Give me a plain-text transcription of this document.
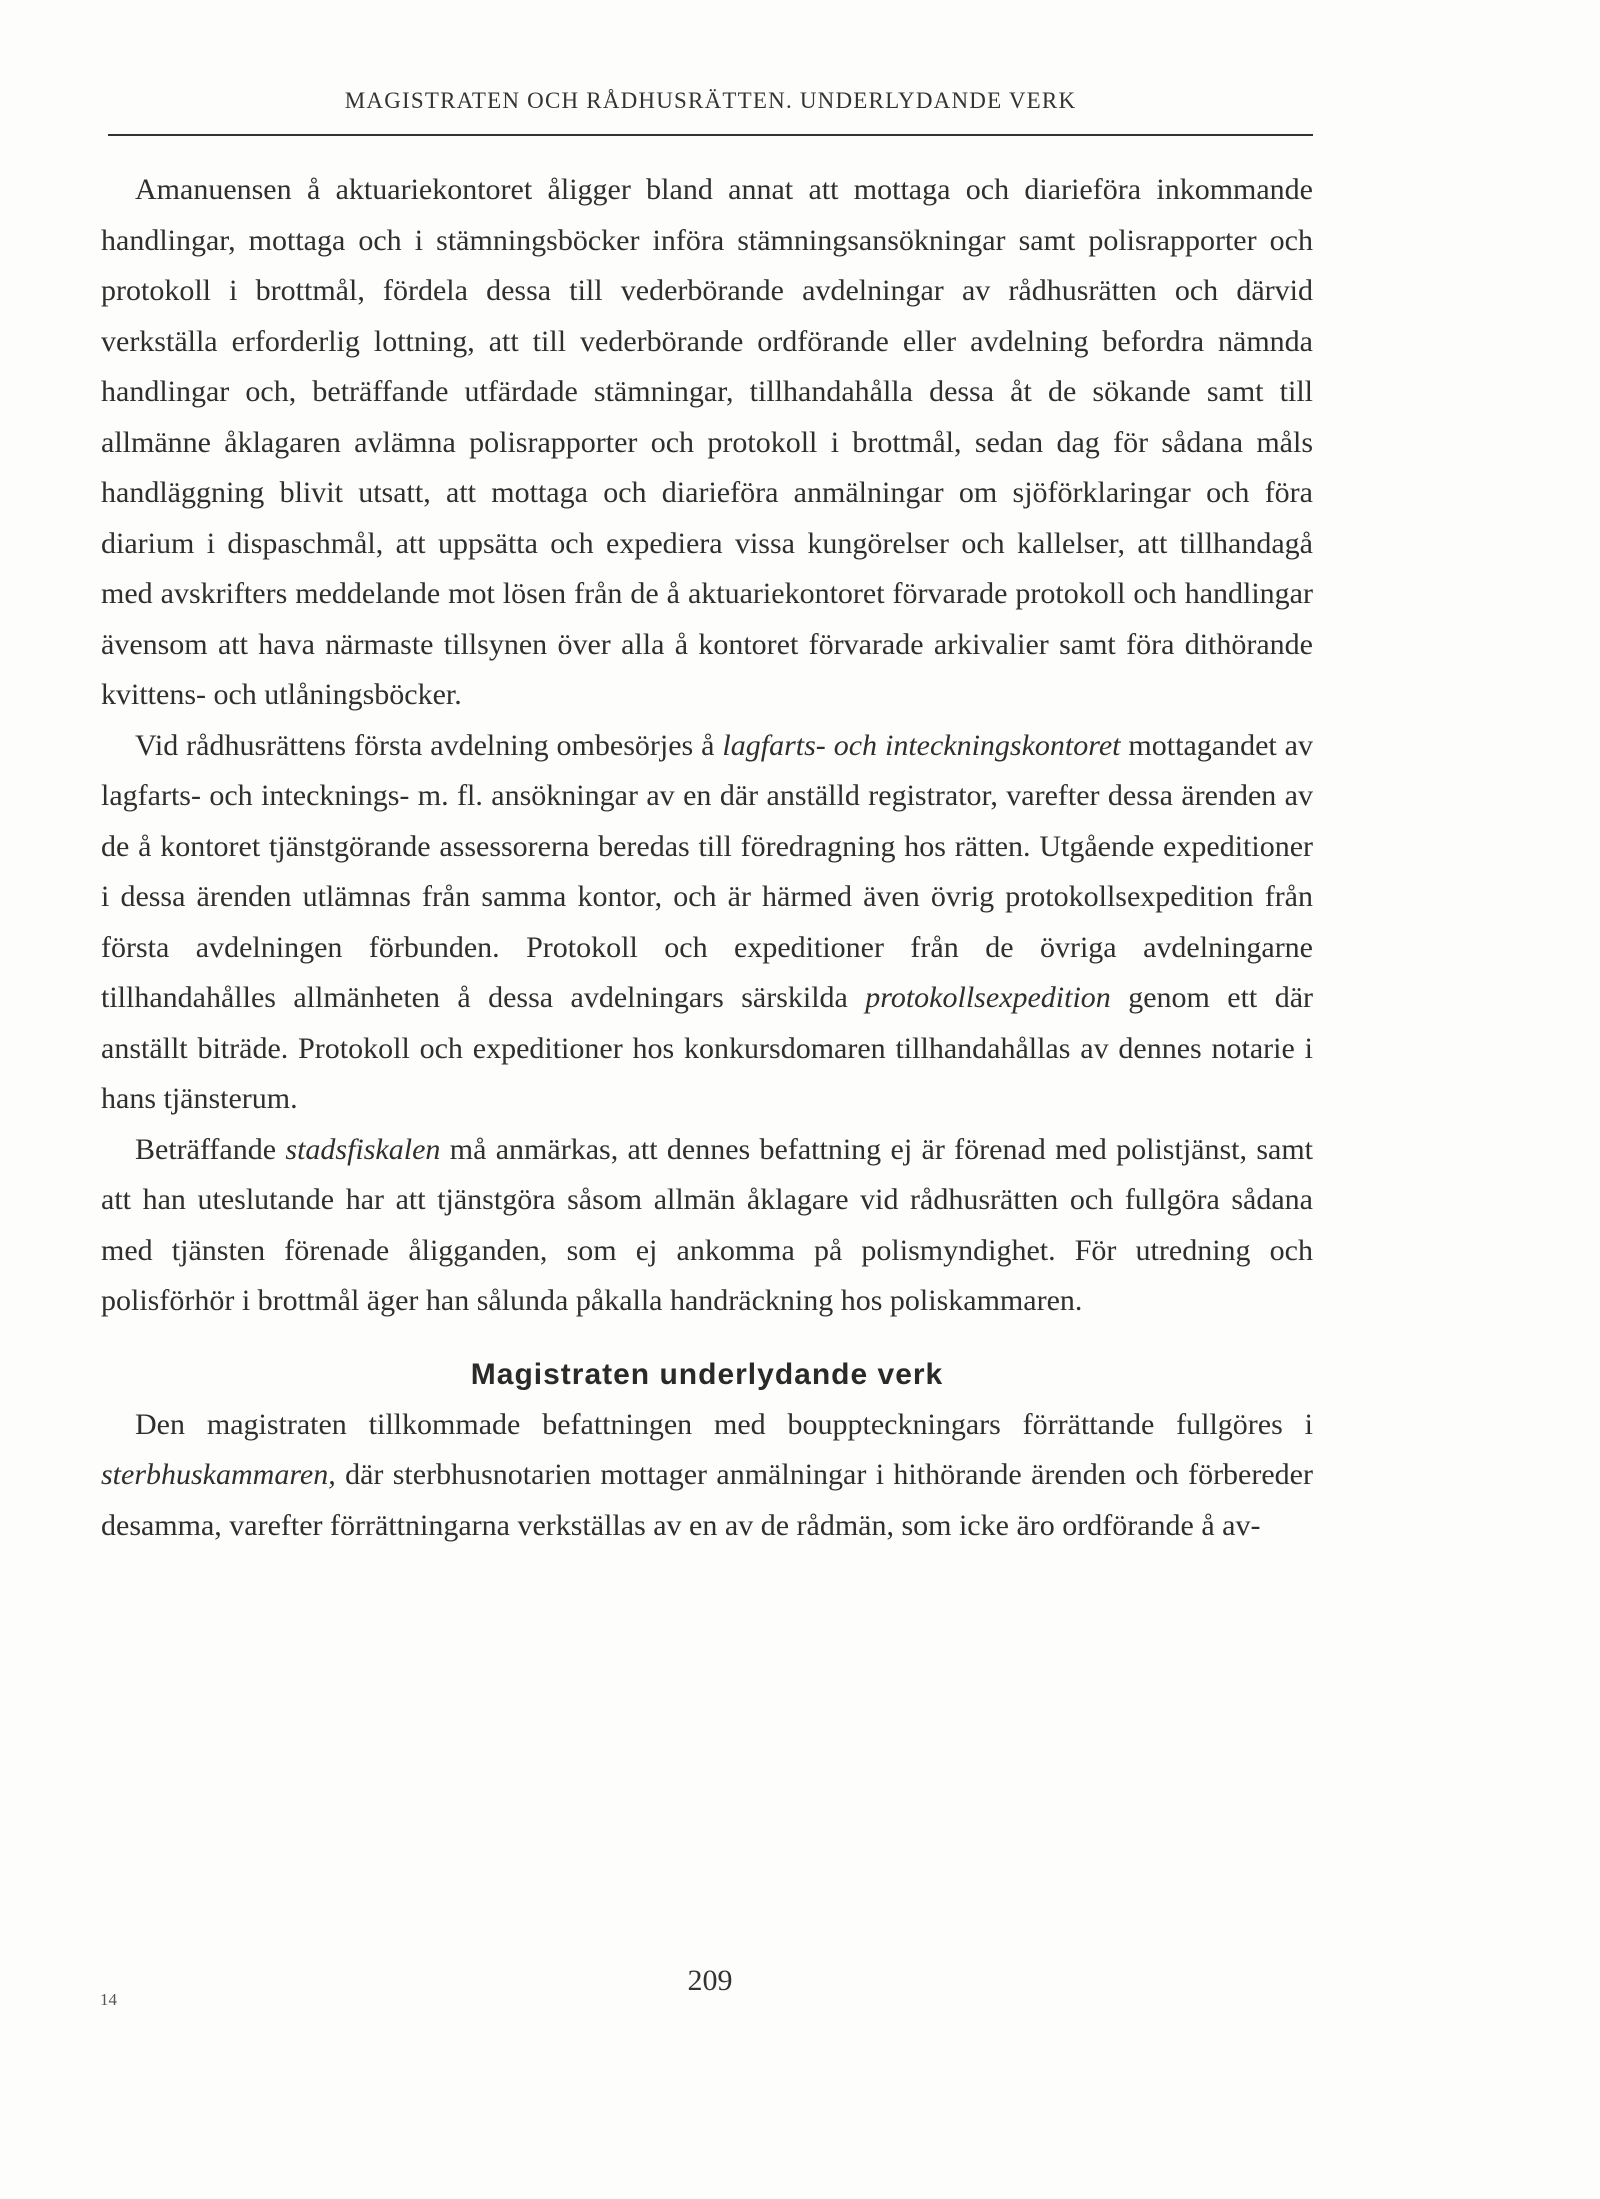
MAGISTRATEN OCH RÅDHUSRÄTTEN. UNDERLYDANDE VERK

Amanuensen å aktuariekontoret åligger bland annat att mottaga och diarieföra inkommande handlingar, mottaga och i stämningsböcker införa stämningsansökningar samt polisrapporter och protokoll i brottmål, fördela dessa till vederbörande avdelningar av rådhusrätten och därvid verkställa erforderlig lottning, att till vederbörande ordförande eller avdelning befordra nämnda handlingar och, beträffande utfärdade stämningar, tillhandahålla dessa åt de sökande samt till allmänne åklagaren avlämna polisrapporter och protokoll i brottmål, sedan dag för sådana måls handläggning blivit utsatt, att mottaga och diarieföra anmälningar om sjöförklaringar och föra diarium i dispaschmål, att uppsätta och expediera vissa kungörelser och kallelser, att tillhandagå med avskrifters meddelande mot lösen från de å aktuariekontoret förvarade protokoll och handlingar ävensom att hava närmaste tillsynen över alla å kontoret förvarade arkivalier samt föra dithörande kvittens- och utlåningsböcker.

Vid rådhusrättens första avdelning ombesörjes å lagfarts- och inteckningskontoret mottagandet av lagfarts- och intecknings- m. fl. ansökningar av en där anställd registrator, varefter dessa ärenden av de å kontoret tjänstgörande assessorerna beredas till föredragning hos rätten. Utgående expeditioner i dessa ärenden utlämnas från samma kontor, och är härmed även övrig protokollsexpedition från första avdelningen förbunden. Protokoll och expeditioner från de övriga avdelningarne tillhandahålles allmänheten å dessa avdelningars särskilda protokollsexpedition genom ett där anställt biträde. Protokoll och expeditioner hos konkursdomaren tillhandahållas av dennes notarie i hans tjänsterum.

Beträffande stadsfiskalen må anmärkas, att dennes befattning ej är förenad med polistjänst, samt att han uteslutande har att tjänstgöra såsom allmän åklagare vid rådhusrätten och fullgöra sådana med tjänsten förenade åligganden, som ej ankomma på polismyndighet. För utredning och polisförhör i brottmål äger han sålunda påkalla handräckning hos poliskammaren.

Magistraten underlydande verk

Den magistraten tillkommade befattningen med bouppteckningars förrättande fullgöres i sterbhuskammaren, där sterbhusnotarien mottager anmälningar i hithörande ärenden och förbereder desamma, varefter förrättningarna verkställas av en av de rådmän, som icke äro ordförande å av-

209
14
